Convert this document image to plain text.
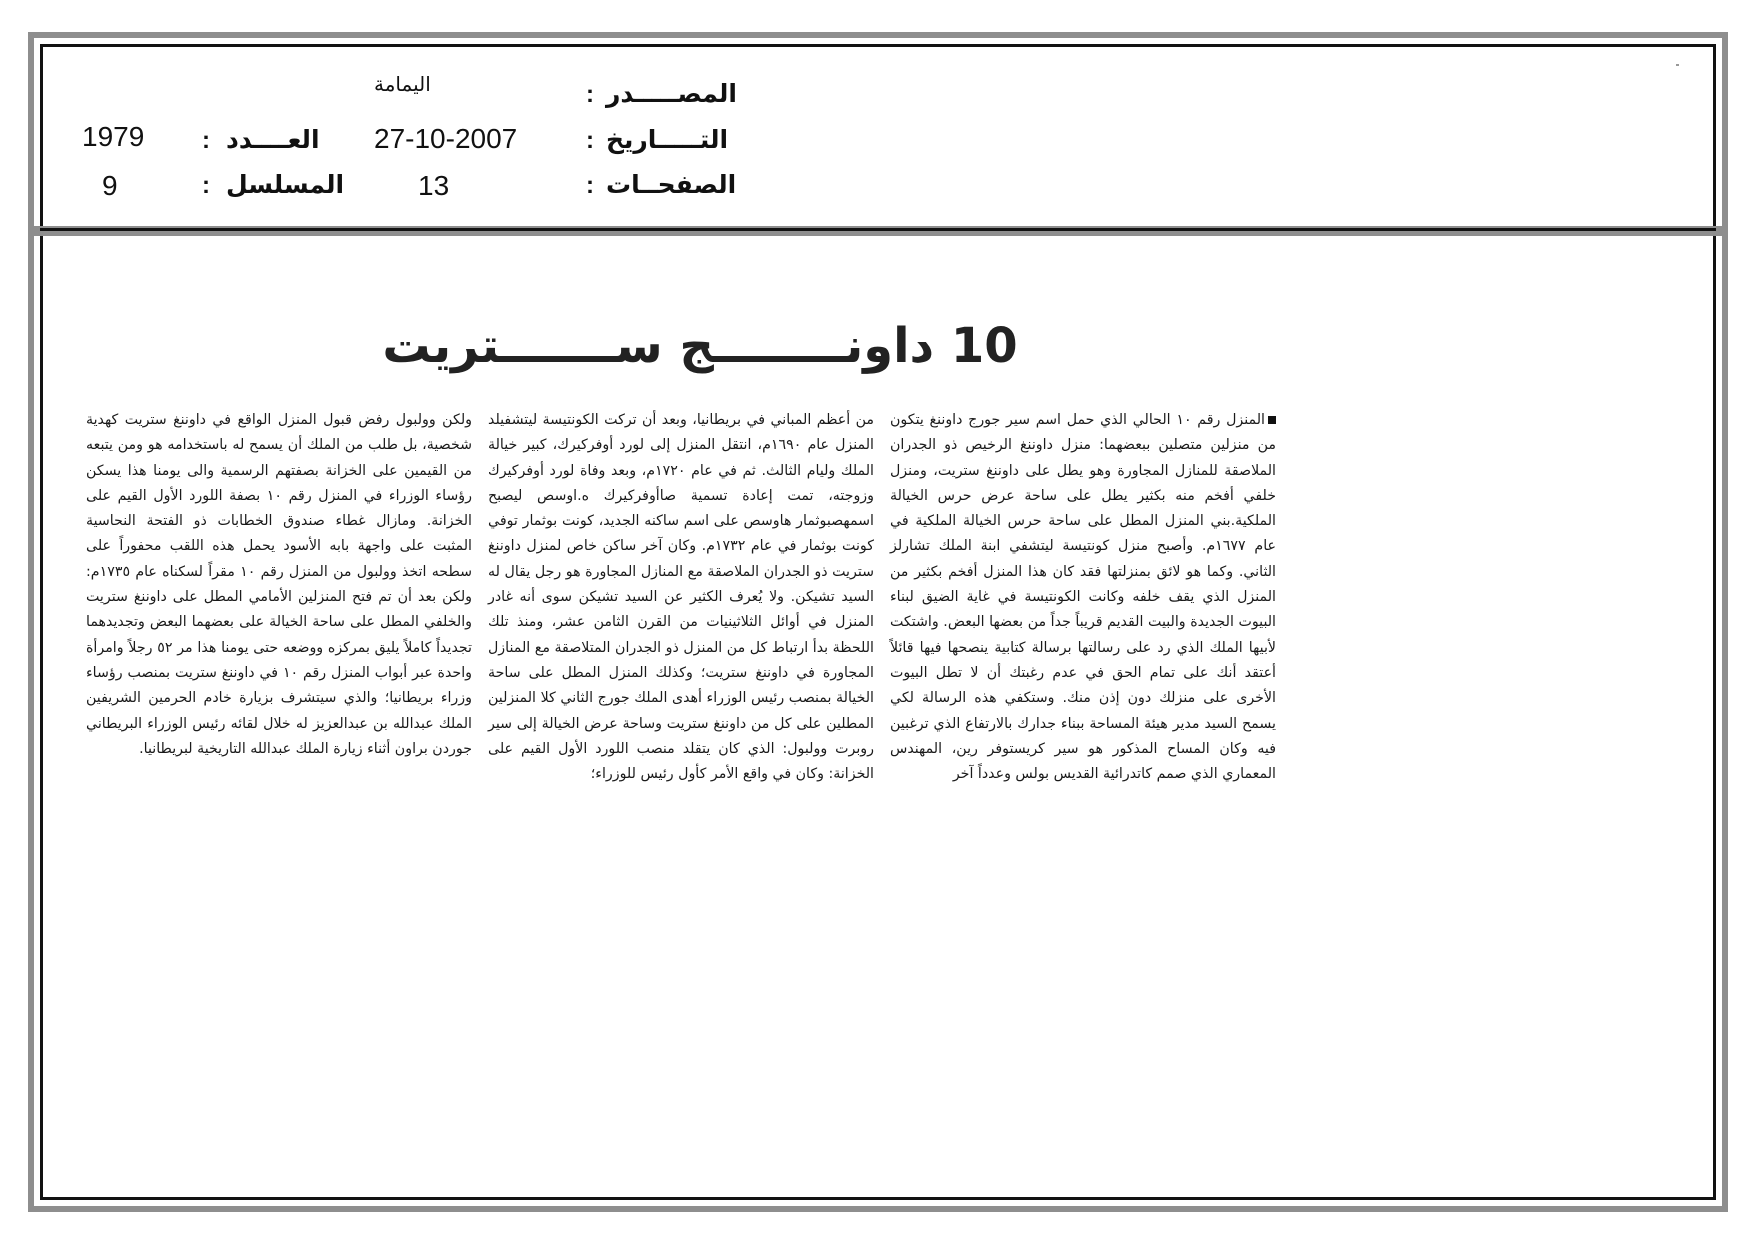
المصـــــدر
:
اليمامة
التـــــاريخ
:
27-10-2007
العــــدد
:
1979
الصفحــات
:
13
المسلسل
:
9
10 داونــــــــج ســـــــتريت
المنزل رقم ١٠ الحالي الذي حمل اسم سير جورج داوننغ يتكون من منزلين متصلين ببعضهما: منزل داوننغ الرخيص ذو الجدران الملاصقة للمنازل المجاورة وهو يطل على داوننغ ستريت، ومنزل خلفي أفخم منه بكثير يطل على ساحة عرض حرس الخيالة الملكية.بني المنزل المطل على ساحة حرس الخيالة الملكية في عام ١٦٧٧م. وأصبح منزل كونتيسة ليتشفي ابنة الملك تشارلز الثاني. وكما هو لائق بمنزلتها فقد كان هذا المنزل أفخم بكثير من المنزل الذي يقف خلفه وكانت الكونتيسة في غاية الضيق لبناء البيوت الجديدة والبيت القديم قريباً جداً من بعضها البعض. واشتكت لأبيها الملك الذي رد على رسالتها برسالة كتابية ينصحها فيها قائلاً أعتقد أنك على تمام الحق في عدم رغبتك أن لا تطل البيوت الأخرى على منزلك دون إذن منك. وستكفي هذه الرسالة لكي يسمح السيد مدير هيئة المساحة ببناء جدارك بالارتفاع الذي ترغبين فيه وكان المساح المذكور هو سير كريستوفر رين، المهندس المعماري الذي صمم كاتدرائية القديس بولس وعدداً آخر
من أعظم المباني في بريطانيا، وبعد أن تركت الكونتيسة ليتشفيلد المنزل عام ١٦٩٠م، انتقل المنزل إلى لورد أوفركيرك، كبير خيالة الملك وليام الثالث. ثم في عام ١٧٢٠م، وبعد وفاة لورد أوفركيرك وزوجته، تمت إعادة تسمية صاأوفركيرك ه.اوسص ليصبح اسمهصبوثمار هاوسص على اسم ساكنه الجديد، كونت بوثمار توفي كونت بوثمار في عام ١٧٣٢م. وكان آخر ساكن خاص لمنزل داوننغ ستريت ذو الجدران الملاصقة مع المنازل المجاورة هو رجل يقال له السيد تشيكن. ولا يُعرف الكثير عن السيد تشيكن سوى أنه غادر المنزل في أوائل الثلاثينيات من القرن الثامن عشر، ومنذ تلك اللحظة بدأ ارتباط كل من المنزل ذو الجدران المتلاصقة مع المنازل المجاورة في داوننغ ستريت؛ وكذلك المنزل المطل على ساحة الخيالة بمنصب رئيس الوزراء أهدى الملك جورج الثاني كلا المنزلين المطلين على كل من داوننغ ستريت وساحة عرض الخيالة إلى سير روبرت وولبول: الذي كان يتقلد منصب اللورد الأول القيم على الخزانة: وكان في واقع الأمر كأول رئيس للوزراء؛
ولكن وولبول رفض قبول المنزل الواقع في داوننغ ستريت كهدية شخصية، بل طلب من الملك أن يسمح له باستخدامه هو ومن يتبعه من القيمين على الخزانة بصفتهم الرسمية والى يومنا هذا يسكن رؤساء الوزراء في المنزل رقم ١٠ بصفة اللورد الأول القيم على الخزانة. ومازال غطاء صندوق الخطابات ذو الفتحة النحاسية المثبت على واجهة بابه الأسود يحمل هذه اللقب محفوراً على سطحه اتخذ وولبول من المنزل رقم ١٠ مقراً لسكناه عام ١٧٣٥م: ولكن بعد أن تم فتح المنزلين الأمامي المطل على داوننغ ستريت والخلفي المطل على ساحة الخيالة على بعضهما البعض وتجديدهما تجديداً كاملاً يليق بمركزه ووضعه حتى يومنا هذا مر ٥٢ رجلاً وامرأة واحدة عبر أبواب المنزل رقم ١٠ في داوننغ ستريت بمنصب رؤساء وزراء بريطانيا؛ والذي سيتشرف بزيارة خادم الحرمين الشريفين الملك عبدالله بن عبدالعزيز له خلال لقائه رئيس الوزراء البريطاني جوردن براون أثناء زيارة الملك عبدالله التاريخية لبريطانيا.
